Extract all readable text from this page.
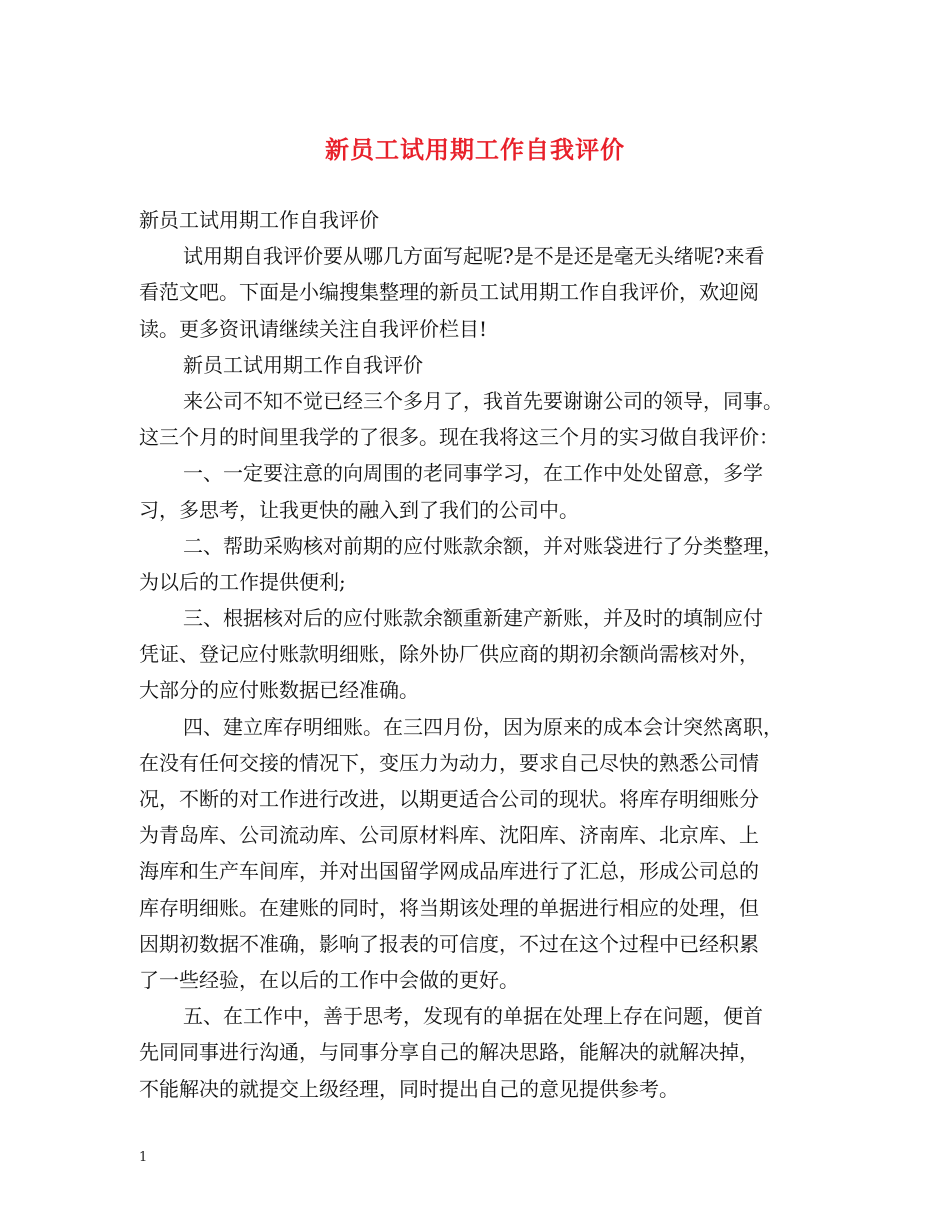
新员工试用期工作自我评价
新员工试用期工作自我评价
试用期自我评价要从哪几方面写起呢?是不是还是毫无头绪呢?来看
看范文吧。下面是小编搜集整理的新员工试用期工作自我评价，欢迎阅
读。更多资讯请继续关注自我评价栏目!
新员工试用期工作自我评价
来公司不知不觉已经三个多月了，我首先要谢谢公司的领导，同事。
这三个月的时间里我学的了很多。现在我将这三个月的实习做自我评价：
一、一定要注意的向周围的老同事学习，在工作中处处留意，多学
习，多思考，让我更快的融入到了我们的公司中。
二、帮助采购核对前期的应付账款余额，并对账袋进行了分类整理，
为以后的工作提供便利;
三、根据核对后的应付账款余额重新建产新账，并及时的填制应付
凭证、登记应付账款明细账，除外协厂供应商的期初余额尚需核对外，
大部分的应付账数据已经准确。
四、建立库存明细账。在三四月份，因为原来的成本会计突然离职，
在没有任何交接的情况下，变压力为动力，要求自己尽快的熟悉公司情
况，不断的对工作进行改进，以期更适合公司的现状。将库存明细账分
为青岛库、公司流动库、公司原材料库、沈阳库、济南库、北京库、上
海库和生产车间库，并对出国留学网成品库进行了汇总，形成公司总的
库存明细账。在建账的同时，将当期该处理的单据进行相应的处理，但
因期初数据不准确，影响了报表的可信度，不过在这个过程中已经积累
了一些经验，在以后的工作中会做的更好。
五、在工作中，善于思考，发现有的单据在处理上存在问题，便首
先同同事进行沟通，与同事分享自己的解决思路，能解决的就解决掉，
不能解决的就提交上级经理，同时提出自己的意见提供参考。
1
